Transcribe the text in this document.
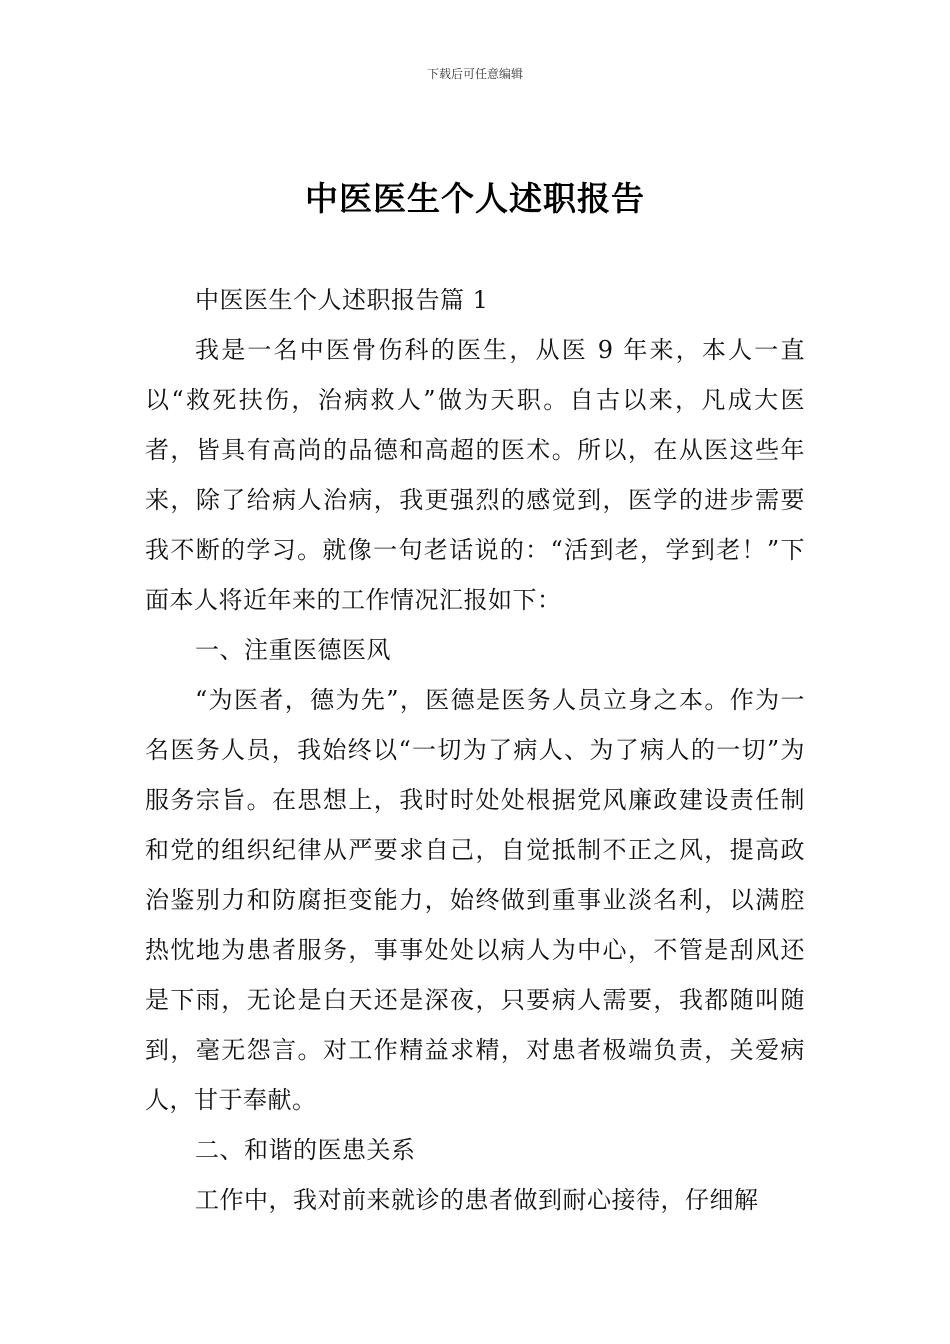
下载后可任意编辑
中医医生个人述职报告

中医医生个人述职报告篇 1

我是一名中医骨伤科的医生，从医 9 年来，本人一直以“救死扶伤，治病救人”做为天职。自古以来，凡成大医者，皆具有高尚的品德和高超的医术。所以，在从医这些年来，除了给病人治病，我更强烈的感觉到，医学的进步需要我不断的学习。就像一句老话说的：“活到老，学到老！”下面本人将近年来的工作情况汇报如下：

一、注重医德医风

“为医者，德为先”，医德是医务人员立身之本。作为一名医务人员，我始终以“一切为了病人、为了病人的一切”为服务宗旨。在思想上，我时时处处根据党风廉政建设责任制和党的组织纪律从严要求自己，自觉抵制不正之风，提高政治鉴别力和防腐拒变能力，始终做到重事业淡名利，以满腔热忱地为患者服务，事事处处以病人为中心，不管是刮风还是下雨，无论是白天还是深夜，只要病人需要，我都随叫随到，毫无怨言。对工作精益求精，对患者极端负责，关爱病人，甘于奉献。

二、和谐的医患关系

工作中，我对前来就诊的患者做到耐心接待，仔细解
